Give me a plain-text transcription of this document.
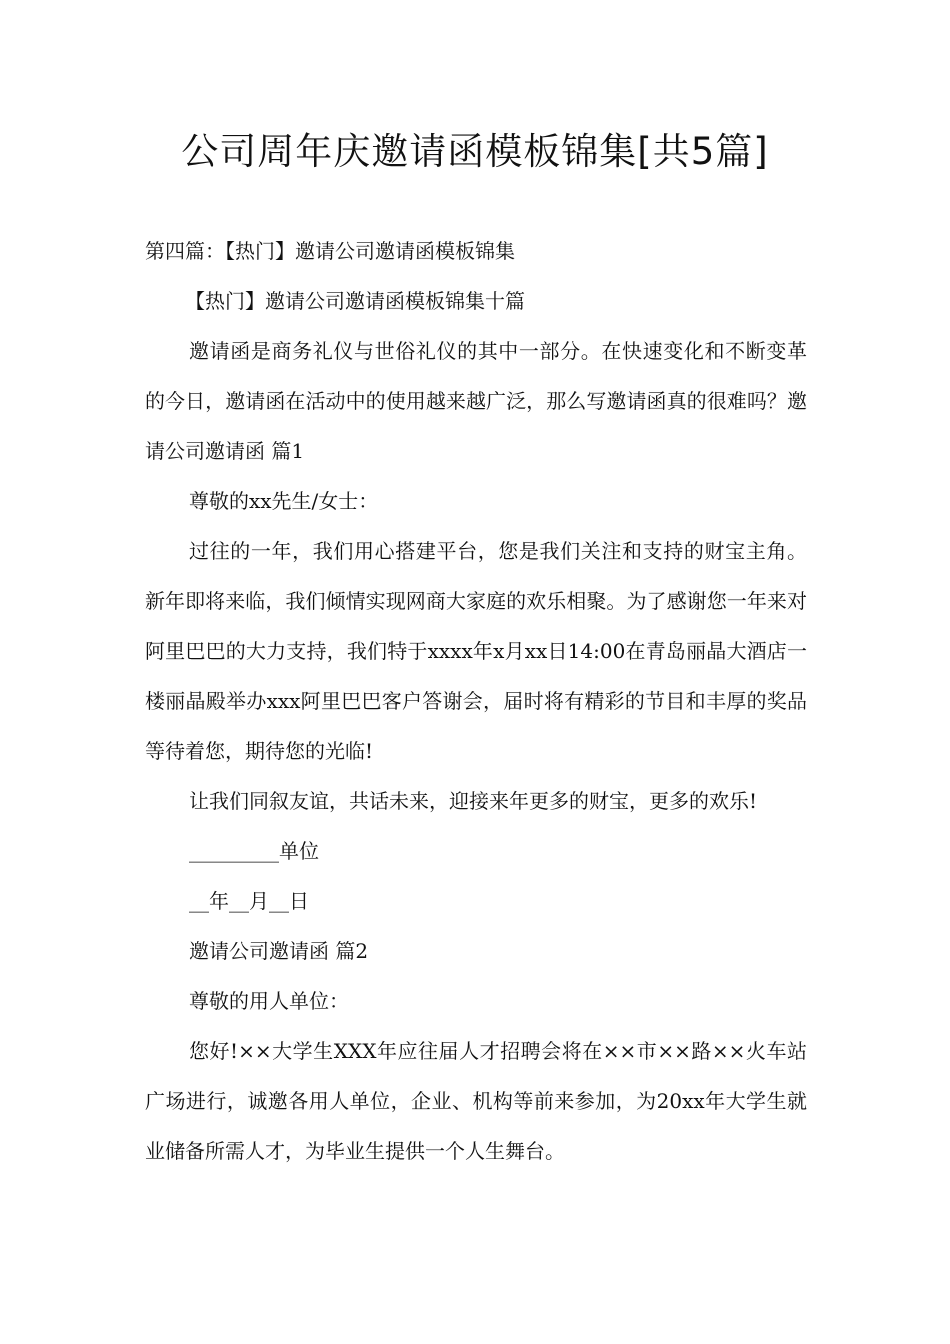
公司周年庆邀请函模板锦集[共5篇]

第四篇：【热门】邀请公司邀请函模板锦集

【热门】邀请公司邀请函模板锦集十篇

邀请函是商务礼仪与世俗礼仪的其中一部分。在快速变化和不断变革的今日，邀请函在活动中的使用越来越广泛，那么写邀请函真的很难吗？邀请公司邀请函 篇1

尊敬的xx先生/女士：

过往的一年，我们用心搭建平台，您是我们关注和支持的财宝主角。 新年即将来临，我们倾情实现网商大家庭的欢乐相聚。为了感谢您一年来对阿里巴巴的大力支持，我们特于xxxx年x月xx日14:00在青岛丽晶大酒店一楼丽晶殿举办xxx阿里巴巴客户答谢会，届时将有精彩的节目和丰厚的奖品等待着您，期待您的光临!

让我们同叙友谊，共话未来，迎接来年更多的财宝，更多的欢乐!

_________单位

__年__月__日

邀请公司邀请函 篇2

尊敬的用人单位：

您好!××大学生XXX年应往届人才招聘会将在××市××路××火车站广场进行，诚邀各用人单位，企业、机构等前来参加，为20xx年大学生就业储备所需人才，为毕业生提供一个人生舞台。
